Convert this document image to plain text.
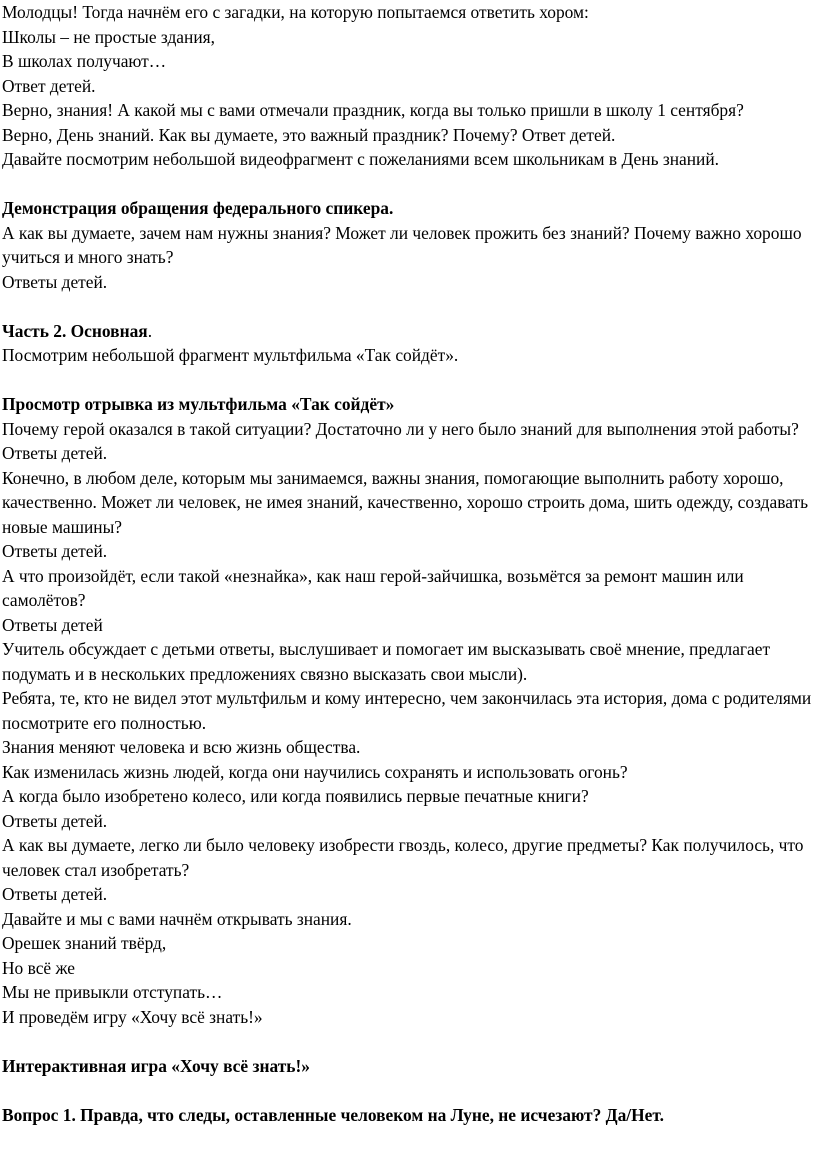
Молодцы! Тогда начнём его с загадки, на которую попытаемся ответить хором:

Школы – не простые здания,

В школах получают…

Ответ детей.

Верно, знания! А какой мы с вами отмечали праздник, когда вы только пришли в школу 1 сентября?

Верно, День знаний. Как вы думаете, это важный праздник? Почему? Ответ детей.

Давайте посмотрим небольшой видеофрагмент с пожеланиями всем школьникам в День знаний.

Демонстрация обращения федерального спикера.

А как вы думаете, зачем нам нужны знания? Может ли человек прожить без знаний? Почему важно хорошо учиться и много знать?

Ответы детей.

Часть 2. Основная.

Посмотрим небольшой фрагмент мультфильма «Так сойдёт».

Просмотр отрывка из мультфильма «Так сойдёт»

Почему герой оказался в такой ситуации? Достаточно ли у него было знаний для выполнения этой работы?

Ответы детей.

Конечно, в любом деле, которым мы занимаемся, важны знания, помогающие выполнить работу хорошо, качественно. Может ли человек, не имея знаний, качественно, хорошо строить дома, шить одежду, создавать новые машины?

Ответы детей.

А что произойдёт, если такой «незнайка», как наш герой-зайчишка, возьмётся за ремонт машин или самолётов?

Ответы детей

Учитель обсуждает с детьми ответы, выслушивает и помогает им высказывать своё мнение, предлагает подумать и в нескольких предложениях связно высказать свои мысли).

Ребята, те, кто не видел этот мультфильм и кому интересно, чем закончилась эта история, дома с родителями посмотрите его полностью.

Знания меняют человека и всю жизнь общества.

Как изменилась жизнь людей, когда они научились сохранять и использовать огонь?

А когда было изобретено колесо, или когда появились первые печатные книги?

Ответы детей.

А как вы думаете, легко ли было человеку изобрести гвоздь, колесо, другие предметы? Как получилось, что человек стал изобретать?

Ответы детей.

Давайте и мы с вами начнём открывать знания.

Орешек знаний твёрд,

Но всё же

Мы не привыкли отступать…

И проведём игру «Хочу всё знать!»

Интерактивная игра «Хочу всё знать!»

Вопрос 1. Правда, что следы, оставленные человеком на Луне, не исчезают? Да/Нет.
